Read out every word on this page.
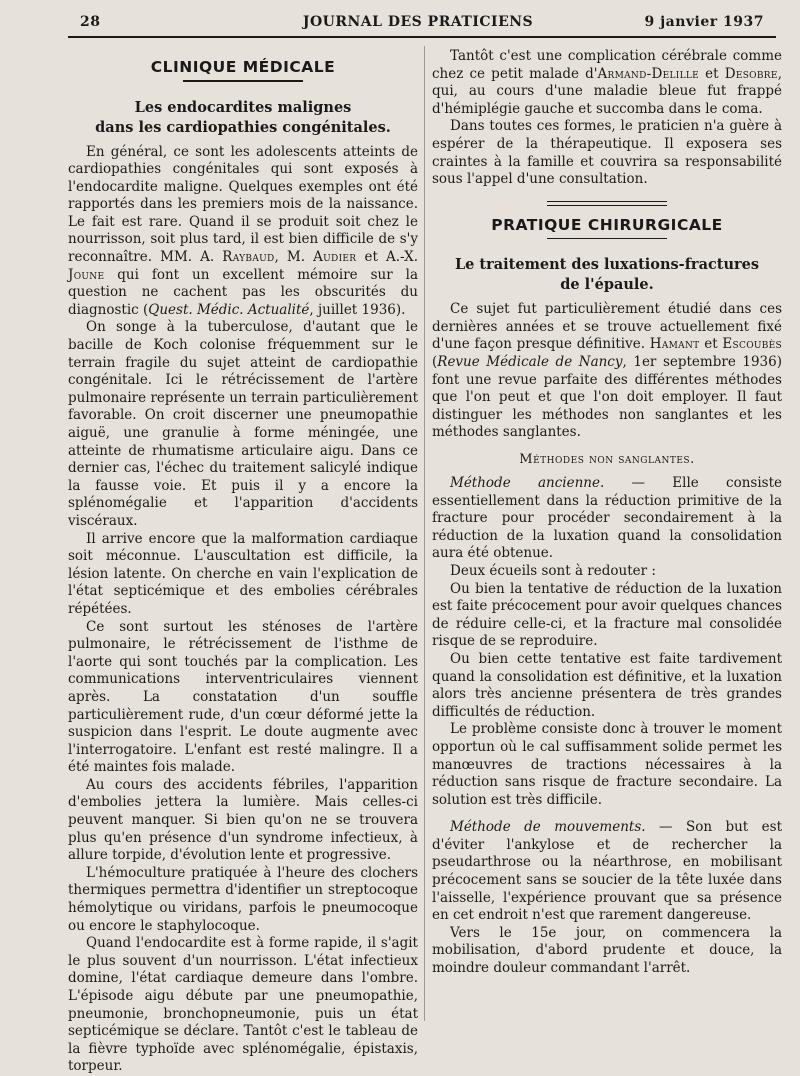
28	JOURNAL DES PRATICIENS	9 janvier 1937
CLINIQUE MÉDICALE
Les endocardites malignes
dans les cardiopathies congénitales.

En général, ce sont les adolescents atteints de cardiopathies congénitales qui sont exposés à l'endocardite maligne. Quelques exemples ont été rapportés dans les premiers mois de la naissance. Le fait est rare. Quand il se produit soit chez le nourrisson, soit plus tard, il est bien difficile de s'y reconnaître. MM. A. Raybaud, M. Audier et A.-X. Joune qui font un excellent mémoire sur la question ne cachent pas les obscurités du diagnostic (Quest. Médic. Actualité, juillet 1936).

On songe à la tuberculose, d'autant que le bacille de Koch colonise fréquemment sur le terrain fragile du sujet atteint de cardiopathie congénitale. Ici le rétrécissement de l'artère pulmonaire représente un terrain particulièrement favorable. On croit discerner une pneumopathie aiguë, une granulie à forme méningée, une atteinte de rhumatisme articulaire aigu. Dans ce dernier cas, l'échec du traitement salicylé indique la fausse voie. Et puis il y a encore la splénomégalie et l'apparition d'accidents viscéraux.

Il arrive encore que la malformation cardiaque soit méconnue. L'auscultation est difficile, la lésion latente. On cherche en vain l'explication de l'état septicémique et des embolies cérébrales répétées.

Ce sont surtout les sténoses de l'artère pulmonaire, le rétrécissement de l'isthme de l'aorte qui sont touchés par la complication. Les communications interventriculaires viennent après. La constatation d'un souffle particulièrement rude, d'un cœur déformé jette la suspicion dans l'esprit. Le doute augmente avec l'interrogatoire. L'enfant est resté malingre. Il a été maintes fois malade.

Au cours des accidents fébriles, l'apparition d'embolies jettera la lumière. Mais celles-ci peuvent manquer. Si bien qu'on ne se trouvera plus qu'en présence d'un syndrome infectieux, à allure torpide, d'évolution lente et progressive.

L'hémoculture pratiquée à l'heure des clochers thermiques permettra d'identifier un streptocoque hémolytique ou viridans, parfois le pneumocoque ou encore le staphylocoque.

Quand l'endocardite est à forme rapide, il s'agit le plus souvent d'un nourrisson. L'état infectieux domine, l'état cardiaque demeure dans l'ombre. L'épisode aigu débute par une pneumopathie, pneumonie, bronchopneumonie, puis un état septicémique se déclare. Tantôt c'est le tableau de la fièvre typhoïde avec splénomégalie, épistaxis, torpeur.

Tantôt c'est une complication cérébrale comme chez ce petit malade d'Armand-Delille et Desobre, qui, au cours d'une maladie bleue fut frappé d'hémiplégie gauche et succomba dans le coma.

Dans toutes ces formes, le praticien n'a guère à espérer de la thérapeutique. Il exposera ses craintes à la famille et couvrira sa responsabilité sous l'appel d'une consultation.

PRATIQUE CHIRURGICALE
Le traitement des luxations-fractures
de l'épaule.

Ce sujet fut particulièrement étudié dans ces dernières années et se trouve actuellement fixé d'une façon presque définitive. Hamant et Escoubès (Revue Médicale de Nancy, 1er septembre 1936) font une revue parfaite des différentes méthodes que l'on peut et que l'on doit employer. Il faut distinguer les méthodes non sanglantes et les méthodes sanglantes.

Méthodes non sanglantes.

Méthode ancienne. — Elle consiste essentiellement dans la réduction primitive de la fracture pour procéder secondairement à la réduction de la luxation quand la consolidation aura été obtenue.

Deux écueils sont à redouter :

Ou bien la tentative de réduction de la luxation est faite précocement pour avoir quelques chances de réduire celle-ci, et la fracture mal consolidée risque de se reproduire.

Ou bien cette tentative est faite tardivement quand la consolidation est définitive, et la luxation alors très ancienne présentera de très grandes difficultés de réduction.

Le problème consiste donc à trouver le moment opportun où le cal suffisamment solide permet les manœuvres de tractions nécessaires à la réduction sans risque de fracture secondaire. La solution est très difficile.

Méthode de mouvements. — Son but est d'éviter l'ankylose et de rechercher la pseudarthrose ou la néarthrose, en mobilisant précocement sans se soucier de la tête luxée dans l'aisselle, l'expérience prouvant que sa présence en cet endroit n'est que rarement dangereuse.

Vers le 15e jour, on commencera la mobilisation, d'abord prudente et douce, la moindre douleur commandant l'arrêt.
